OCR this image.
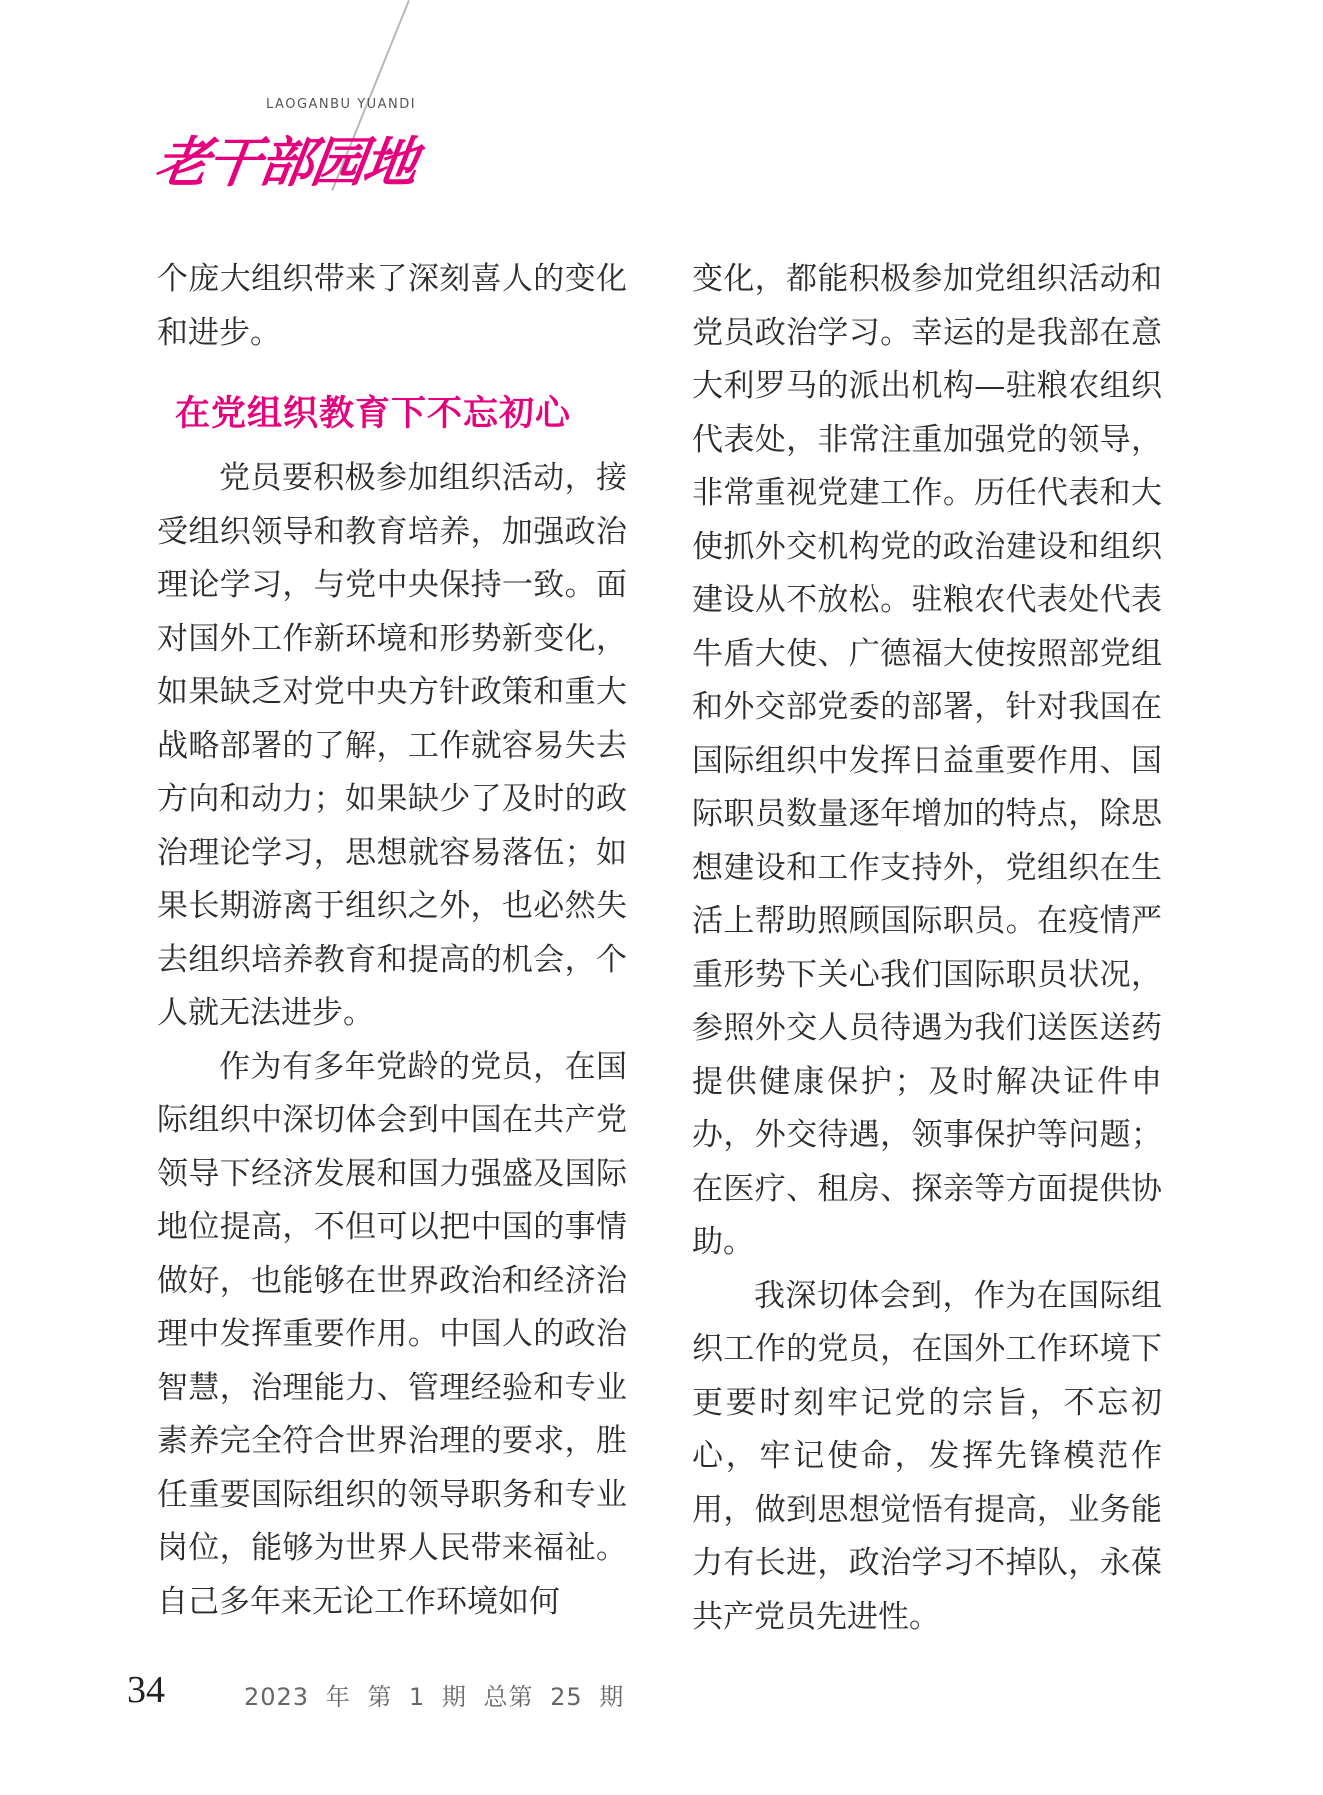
LAOGANBU YUANDI
老干部园地

个庞大组织带来了深刻喜人的变化和进步。

在党组织教育下不忘初心

党员要积极参加组织活动，接受组织领导和教育培养，加强政治理论学习，与党中央保持一致。面对国外工作新环境和形势新变化，如果缺乏对党中央方针政策和重大战略部署的了解，工作就容易失去方向和动力；如果缺少了及时的政治理论学习，思想就容易落伍；如果长期游离于组织之外，也必然失去组织培养教育和提高的机会，个人就无法进步。

作为有多年党龄的党员，在国际组织中深切体会到中国在共产党领导下经济发展和国力强盛及国际地位提高，不但可以把中国的事情做好，也能够在世界政治和经济治理中发挥重要作用。中国人的政治智慧，治理能力、管理经验和专业素养完全符合世界治理的要求，胜任重要国际组织的领导职务和专业岗位，能够为世界人民带来福祉。自己多年来无论工作环境如何

变化，都能积极参加党组织活动和党员政治学习。幸运的是我部在意大利罗马的派出机构—驻粮农组织代表处，非常注重加强党的领导，非常重视党建工作。历任代表和大使抓外交机构党的政治建设和组织建设从不放松。驻粮农代表处代表牛盾大使、广德福大使按照部党组和外交部党委的部署，针对我国在国际组织中发挥日益重要作用、国际职员数量逐年增加的特点，除思想建设和工作支持外，党组织在生活上帮助照顾国际职员。在疫情严重形势下关心我们国际职员状况，参照外交人员待遇为我们送医送药提供健康保护；及时解决证件申办，外交待遇，领事保护等问题；在医疗、租房、探亲等方面提供协助。

我深切体会到，作为在国际组织工作的党员，在国外工作环境下更要时刻牢记党的宗旨，不忘初心，牢记使命，发挥先锋模范作用，做到思想觉悟有提高，业务能力有长进，政治学习不掉队，永葆共产党员先进性。

34	2023 年 第 1 期 总第 25 期
